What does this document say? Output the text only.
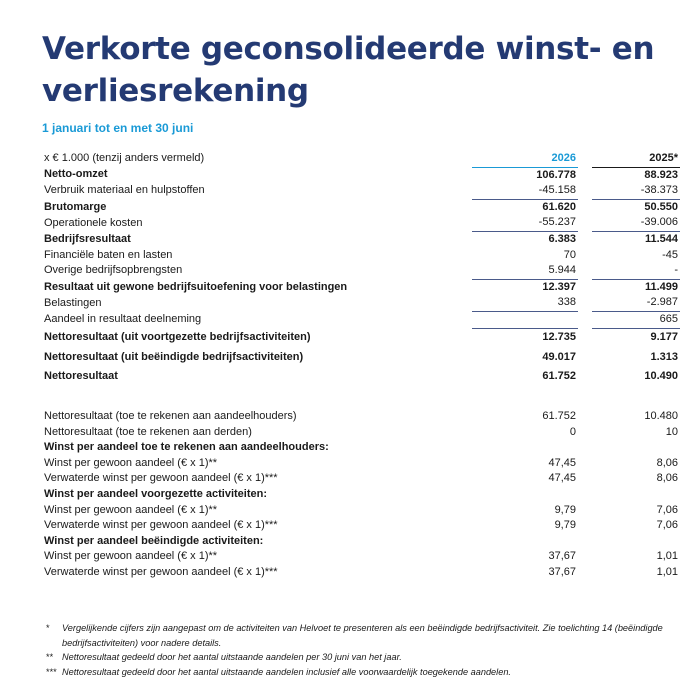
Verkorte geconsolideerde winst- en verliesrekening
1 januari tot en met 30 juni
x € 1.000 (tenzij anders vermeld)	2026		2025*
Netto-omzet	106.778		88.923
Verbruik materiaal en hulpstoffen	-45.158		-38.373
Brutomarge	61.620		50.550
Operationele kosten	-55.237		-39.006
Bedrijfsresultaat	6.383		11.544
Financiële baten en lasten	70		-45
Overige bedrijfsopbrengsten	5.944		-
Resultaat uit gewone bedrijfsuitoefening voor belastingen	12.397		11.499
Belastingen	338		-2.987
Aandeel in resultaat deelneming			665
Nettoresultaat (uit voortgezette bedrijfsactiviteiten)	12.735		9.177
Nettoresultaat (uit beëindigde bedrijfsactiviteiten)	49.017		1.313
Nettoresultaat	61.752		10.490

Nettoresultaat (toe te rekenen aan aandeelhouders)	61.752		10.480
Nettoresultaat (toe te rekenen aan derden)	0		10
Winst per aandeel toe te rekenen aan aandeelhouders:			
Winst per gewoon aandeel (€ x 1)**	47,45		8,06
Verwaterde winst per gewoon aandeel (€ x 1)***	47,45		8,06
Winst per aandeel voorgezette activiteiten:			
Winst per gewoon aandeel (€ x 1)**	9,79		7,06
Verwaterde winst per gewoon aandeel (€ x 1)***	9,79		7,06
Winst per aandeel beëindigde activiteiten:			
Winst per gewoon aandeel (€ x 1)**	37,67		1,01
Verwaterde winst per gewoon aandeel (€ x 1)***	37,67		1,01
* Vergelijkende cijfers zijn aangepast om de activiteiten van Helvoet te presenteren als een beëindigde bedrijfsactiviteit. Zie toelichting 14 (beëindigde bedrijfsactiviteiten) voor nadere details.
** Nettoresultaat gedeeld door het aantal uitstaande aandelen per 30 juni van het jaar.
*** Nettoresultaat gedeeld door het aantal uitstaande aandelen inclusief alle voorwaardelijk toegekende aandelen.
